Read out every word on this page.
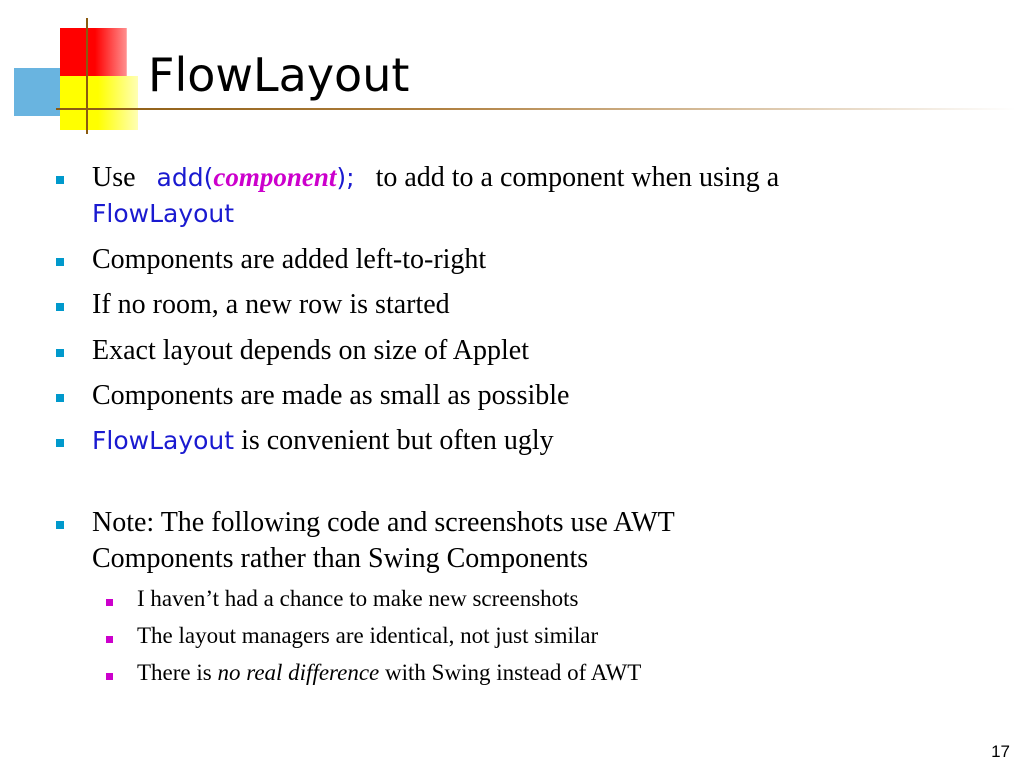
FlowLayout
Use add(component); to add to a component when using a
FlowLayout
Components are added left-to-right
If no room, a new row is started
Exact layout depends on size of Applet
Components are made as small as possible
FlowLayout is convenient but often ugly
Note: The following code and screenshots use AWT
Components rather than Swing Components
I haven’t had a chance to make new screenshots
The layout managers are identical, not just similar
There is no real difference with Swing instead of AWT
17
